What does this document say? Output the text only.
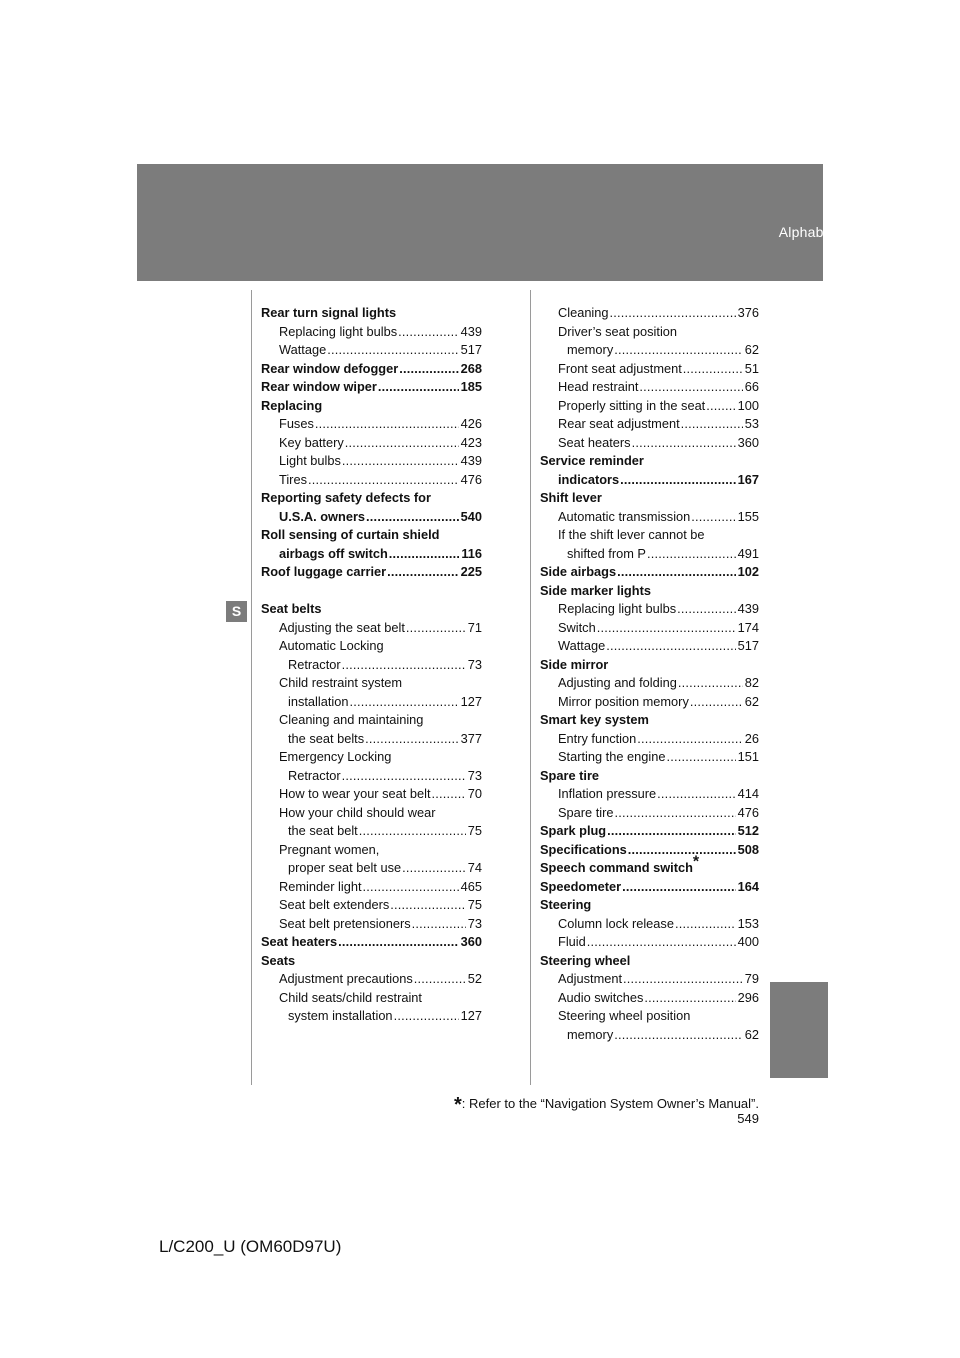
Alphabetical index
S
Rear turn signal lights
Replacing light bulbs .....	439
Wattage .....	517
Rear window defogger .....	268
Rear window wiper .....	185
Replacing
Fuses .....	426
Key battery .....	423
Light bulbs .....	439
Tires .....	476
Reporting safety defects for
U.S.A. owners .....	540
Roll sensing of curtain shield
airbags off switch .....	116
Roof luggage carrier .....	225
Seat belts
Adjusting the seat belt .....	71
Automatic Locking
Retractor .....	73
Child restraint system
installation .....	127
Cleaning and maintaining
the seat belts .....	377
Emergency Locking
Retractor .....	73
How to wear your seat belt .....	70
How your child should wear
the seat belt .....	75
Pregnant women,
proper seat belt use .....	74
Reminder light .....	465
Seat belt extenders .....	75
Seat belt pretensioners .....	73
Seat heaters .....	360
Seats
Adjustment precautions .....	52
Child seats/child restraint
system installation .....	127
Cleaning .....	376
Driver’s seat position
memory .....	62
Front seat adjustment .....	51
Head restraint .....	66
Properly sitting in the seat .....	100
Rear seat adjustment .....	53
Seat heaters .....	360
Service reminder
indicators .....	167
Shift lever
Automatic transmission .....	155
If the shift lever cannot be
shifted from P .....	491
Side airbags .....	102
Side marker lights
Replacing light bulbs .....	439
Switch .....	174
Wattage .....	517
Side mirror
Adjusting and folding .....	82
Mirror position memory .....	62
Smart key system
Entry function .....	26
Starting the engine .....	151
Spare tire
Inflation pressure .....	414
Spare tire .....	476
Spark plug .....	512
Specifications .....	508
Speech command switch*
Speedometer .....	164
Steering
Column lock release .....	153
Fluid .....	400
Steering wheel
Adjustment .....	79
Audio switches .....	296
Steering wheel position
memory .....	62
*: Refer to the “Navigation System Owner’s Manual”.
549
L/C200_U (OM60D97U)
